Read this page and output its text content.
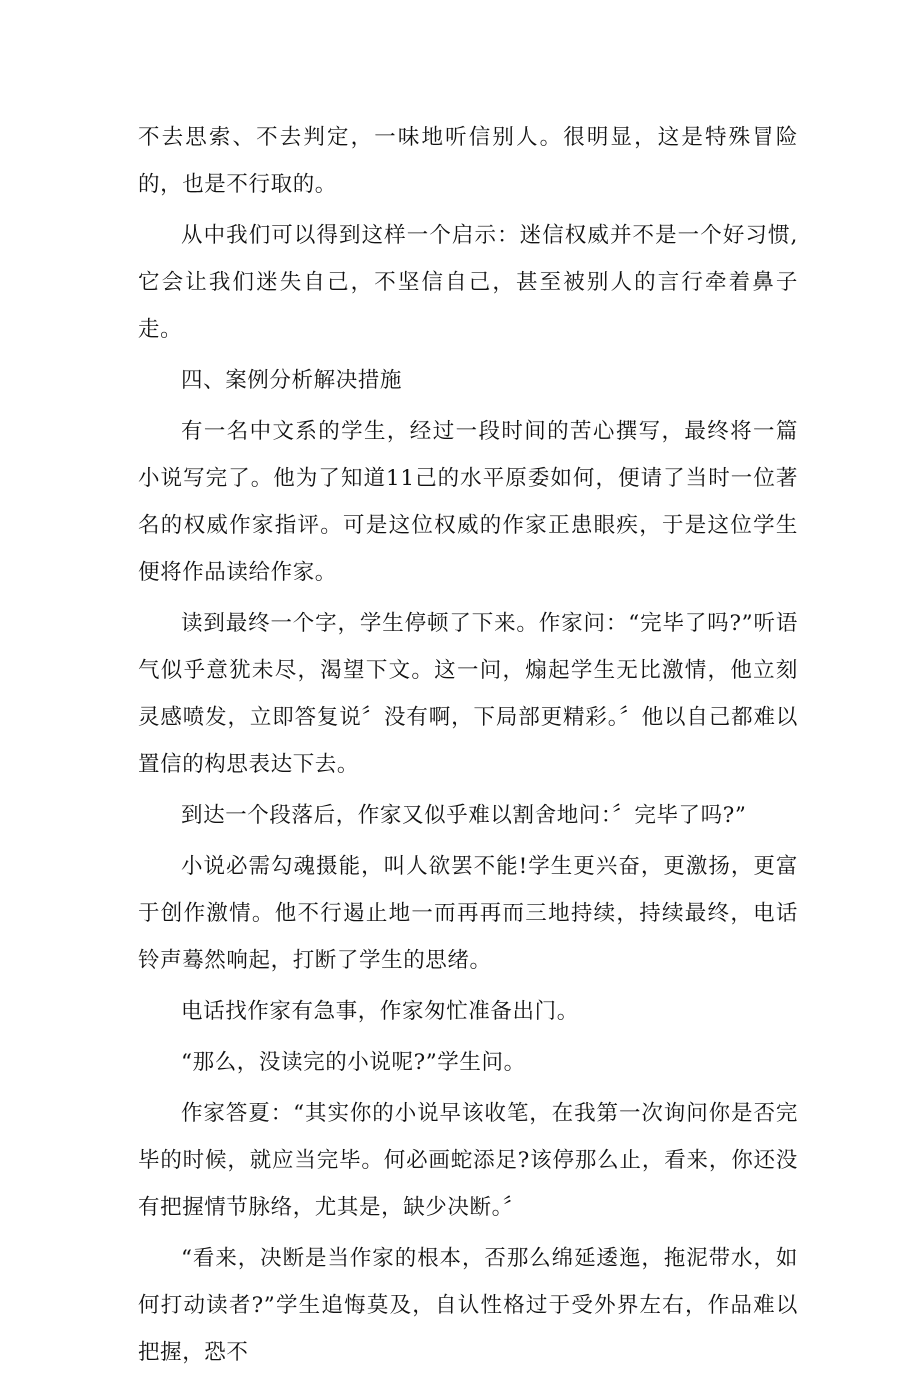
不去思索、不去判定，一味地听信别人。很明显，这是特殊冒险的，也是不行取的。

从中我们可以得到这样一个启示：迷信权威并不是一个好习惯,它会让我们迷失自己，不坚信自己，甚至被别人的言行牵着鼻子走。

四、案例分析解决措施

有一名中文系的学生，经过一段时间的苦心撰写，最终将一篇小说写完了。他为了知道11己的水平原委如何，便请了当时一位著名的权威作家指评。可是这位权威的作家正患眼疾，于是这位学生便将作品读给作家。

读到最终一个字，学生停顿了下来。作家问：“完毕了吗?”听语气似乎意犹未尽，渴望下文。这一问，煽起学生无比激情，他立刻灵感喷发，立即答复说〞没有啊，下局部更精彩。〞他以自己都难以置信的构思表达下去。

到达一个段落后，作家又似乎难以割舍地问：〞完毕了吗?”

小说必需勾魂摄能，叫人欲罢不能!学生更兴奋，更激扬，更富于创作激情。他不行遏止地一而再再而三地持续，持续最终，电话铃声蓦然响起，打断了学生的思绪。

电话找作家有急事，作家匆忙准备出门。

“那么，没读完的小说呢?”学生问。

作家答夏：“其实你的小说早该收笔，在我第一次询问你是否完毕的时候，就应当完毕。何必画蛇添足?该停那么止，看来，你还没有把握情节脉络，尤其是，缺少决断。〞

“看来，决断是当作家的根本，否那么绵延逶迤，拖泥带水，如何打动读者?”学生追悔莫及，自认性格过于受外界左右，作品难以把握，恐不
